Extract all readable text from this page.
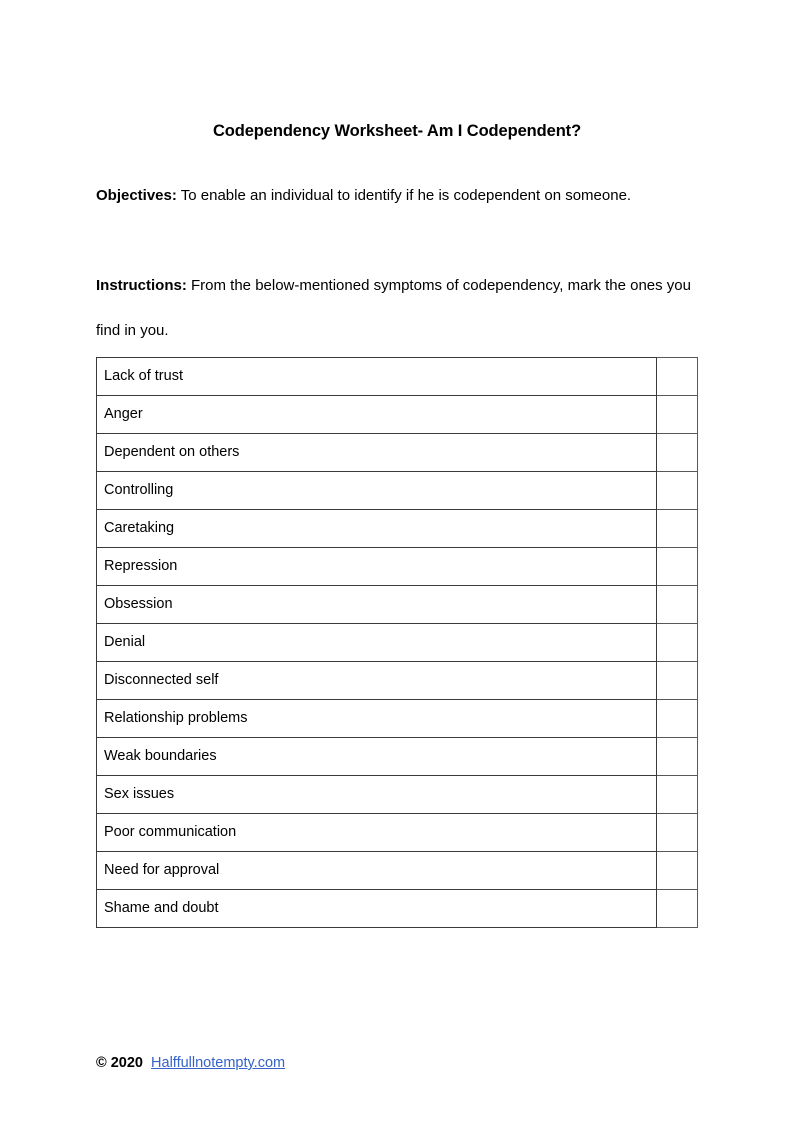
Codependency Worksheet- Am I Codependent?

Objectives: To enable an individual to identify if he is codependent on someone.

Instructions: From the below-mentioned symptoms of codependency, mark the ones you find in you.

Lack of trust	
Anger	
Dependent on others	
Controlling	
Caretaking	
Repression	
Obsession	
Denial	
Disconnected self	
Relationship problems	
Weak boundaries	
Sex issues	
Poor communication	
Need for approval	
Shame and doubt	
© 2020 Halffullnotempty.com
